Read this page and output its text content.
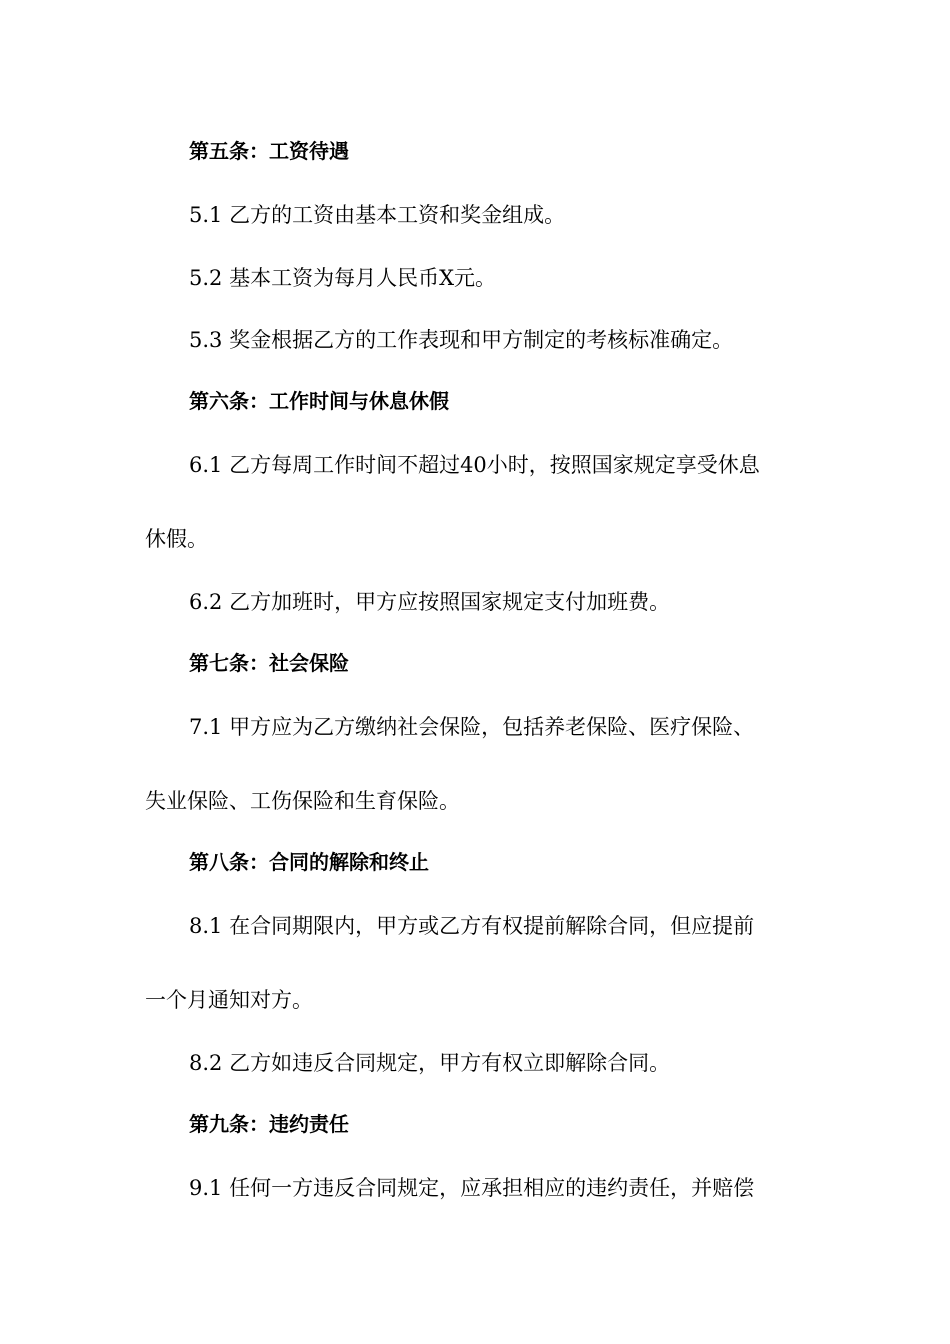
第五条：工资待遇
5.1 乙方的工资由基本工资和奖金组成。
5.2 基本工资为每月人民币X元。
5.3 奖金根据乙方的工作表现和甲方制定的考核标准确定。
第六条：工作时间与休息休假
6.1 乙方每周工作时间不超过40小时，按照国家规定享受休息
休假。
6.2 乙方加班时，甲方应按照国家规定支付加班费。
第七条：社会保险
7.1 甲方应为乙方缴纳社会保险，包括养老保险、医疗保险、
失业保险、工伤保险和生育保险。
第八条：合同的解除和终止
8.1 在合同期限内，甲方或乙方有权提前解除合同，但应提前
一个月通知对方。
8.2 乙方如违反合同规定，甲方有权立即解除合同。
第九条：违约责任
9.1 任何一方违反合同规定，应承担相应的违约责任，并赔偿
